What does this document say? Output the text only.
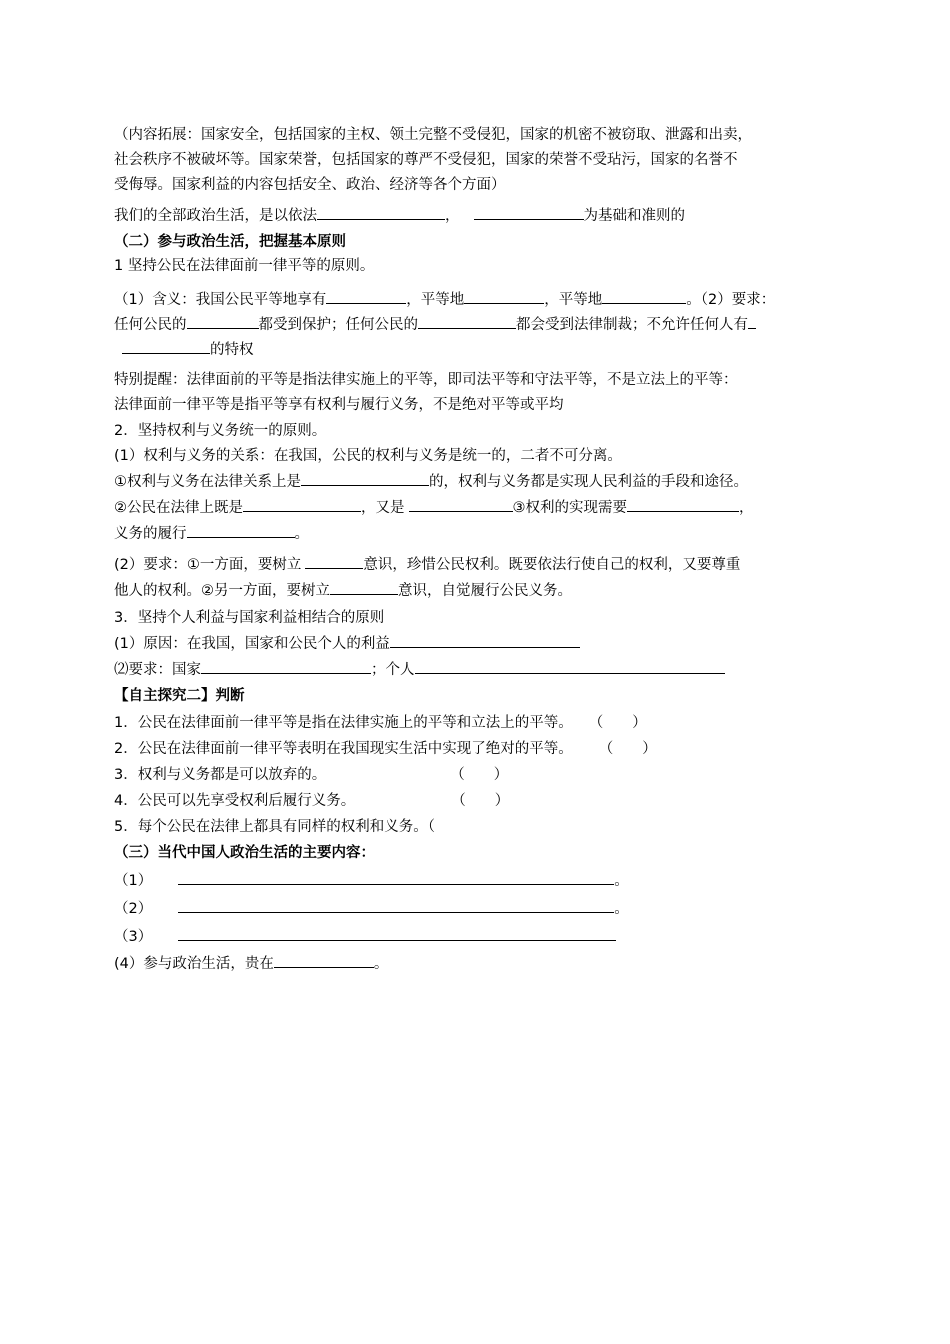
（内容拓展：国家安全，包括国家的主权、领土完整不受侵犯，国家的机密不被窃取、泄露和出卖，
社会秩序不被破坏等。国家荣誉，包括国家的尊严不受侵犯，国家的荣誉不受玷污，国家的名誉不
受侮辱。国家利益的内容包括安全、政治、经济等各个方面）
我们的全部政治生活，是以依法	，	为基础和准则的
（二）参与政治生活，把握基本原则
1 坚持公民在法律面前一律平等的原则。
（1）含义：我国公民平等地享有	，平等地	，平等地	。（2）要求：
任何公民的	都受到保护；任何公民的	都会受到法律制裁；不允许任何人有
的特权
特别提醒：法律面前的平等是指法律实施上的平等，即司法平等和守法平等，不是立法上的平等：
法律面前一律平等是指平等享有权利与履行义务，不是绝对平等或平均
2．坚持权利与义务统一的原则。
(1）权利与义务的关系：在我国，公民的权利与义务是统一的，二者不可分离。
①权利与义务在法律关系上是	的，权利与义务都是实现人民利益的手段和途径。
②公民在法律上既是	，又是	③权利的实现需要	，
义务的履行	。
(2）要求：①一方面，要树立	意识，珍惜公民权利。既要依法行使自己的权利，又要尊重
他人的权利。②另一方面，要树立	意识，自觉履行公民义务。
3．坚持个人利益与国家利益相结合的原则
(1）原因：在我国，国家和公民个人的利益
⑵要求：国家	；个人
【自主探究二】判断
1．公民在法律面前一律平等是指在法律实施上的平等和立法上的平等。 （　　）
2．公民在法律面前一律平等表明在我国现实生活中实现了绝对的平等。 （　　）
3．权利与义务都是可以放弃的。	（　　）
4．公民可以先享受权利后履行义务。	（　　）
5．每个公民在法律上都具有同样的权利和义务。（
（三）当代中国人政治生活的主要内容：
（1）	。
（2）	。
（3）
(4）参与政治生活，贵在	。
